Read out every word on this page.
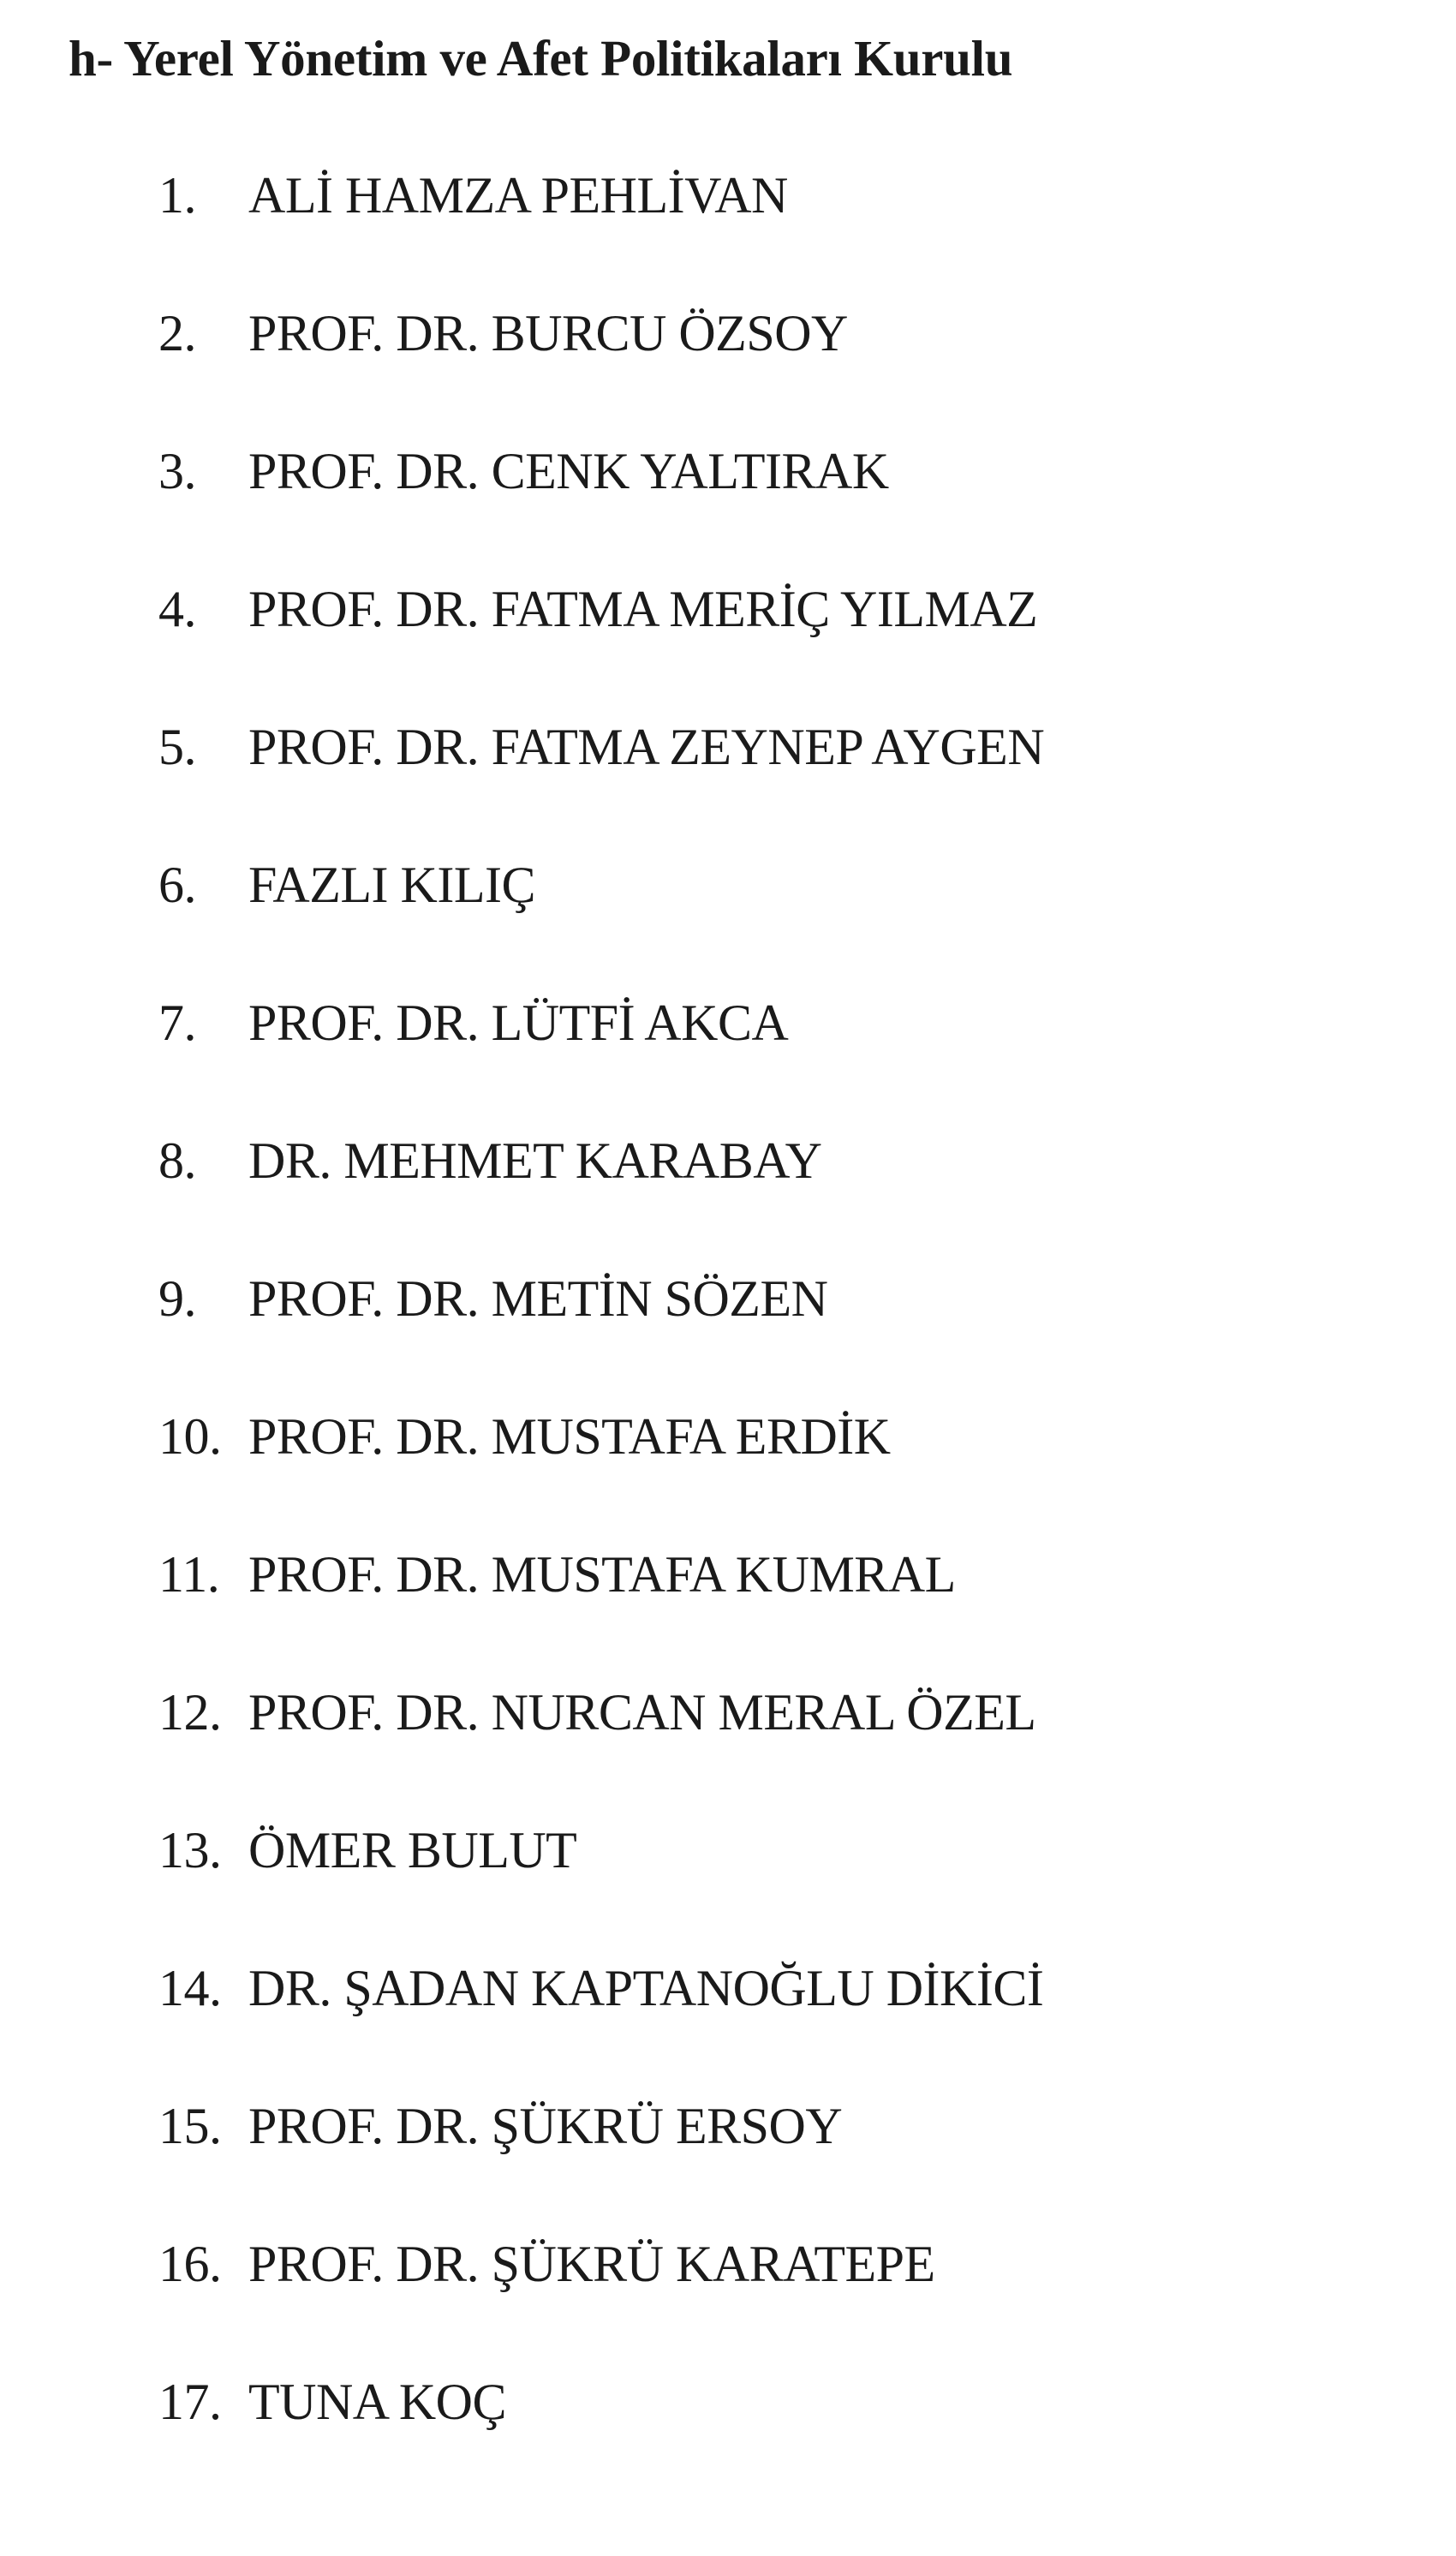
h- Yerel Yönetim ve Afet Politikaları Kurulu
1. ALİ HAMZA PEHLİVAN
2. PROF. DR. BURCU ÖZSOY
3. PROF. DR. CENK YALTIRAK
4. PROF. DR. FATMA MERİÇ YILMAZ
5. PROF. DR. FATMA ZEYNEP AYGEN
6. FAZLI KILIÇ
7. PROF. DR. LÜTFİ AKCA
8. DR. MEHMET KARABAY
9. PROF. DR. METİN SÖZEN
10. PROF. DR. MUSTAFA ERDİK
11. PROF. DR. MUSTAFA KUMRAL
12. PROF. DR. NURCAN MERAL ÖZEL
13. ÖMER BULUT
14. DR. ŞADAN KAPTANOĞLU DİKİCİ
15. PROF. DR. ŞÜKRÜ ERSOY
16. PROF. DR. ŞÜKRÜ KARATEPE
17. TUNA KOÇ
